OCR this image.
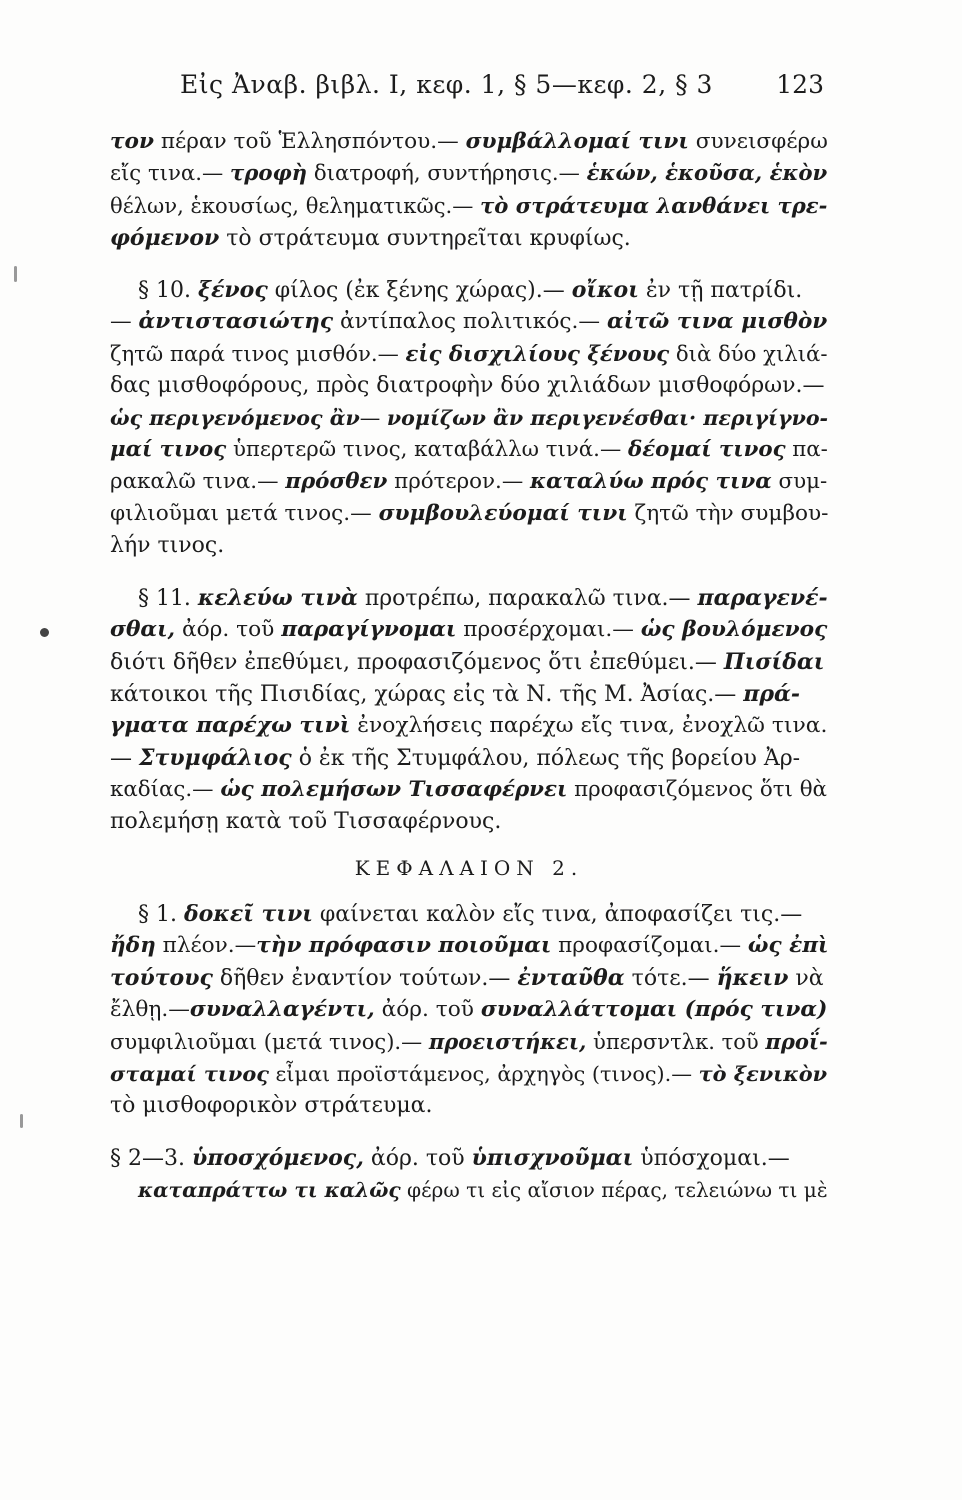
Εἰς Ἀναβ. βιβλ. I, κεφ. 1, § 5—κεφ. 2, § 3	123
τον πέραν τοῦ Ἑλλησπόντου.— συμβάλλομαί τινι συνεισφέρω
εἴς τινα.— τροφὴ διατροφή, συντήρησις.— ἑκών, ἑκοῦσα, ἑκὸν
θέλων, ἑκουσίως, θεληματικῶς.— τὸ στράτευμα λανθάνει τρε-
φόμενον τὸ στράτευμα συντηρεῖται κρυφίως.
§ 10. ξένος φίλος (ἐκ ξένης χώρας).— οἴκοι ἐν τῇ πατρίδι.
— ἀντιστασιώτης ἀντίπαλος πολιτικός.— αἰτῶ τινα μισθὸν
ζητῶ παρά τινος μισθόν.— εἰς δισχιλίους ξένους διὰ δύο χιλιά-
δας μισθοφόρους, πρὸς διατροφὴν δύο χιλιάδων μισθοφόρων.—
ὡς περιγενόμενος ἂν— νομίζων ἂν περιγενέσθαι· περιγίγνο-
μαί τινος ὑπερτερῶ τινος, καταβάλλω τινά.— δέομαί τινος πα-
ρακαλῶ τινα.— πρόσθεν πρότερον.— καταλύω πρός τινα συμ-
φιλιοῦμαι μετά τινος.— συμβουλεύομαί τινι ζητῶ τὴν συμβου-
λήν τινος.
§ 11. κελεύω τινὰ προτρέπω, παρακαλῶ τινα.— παραγενέ-
σθαι, ἀόρ. τοῦ παραγίγνομαι προσέρχομαι.— ὡς βουλόμενος
διότι δῆθεν ἐπεθύμει, προφασιζόμενος ὅτι ἐπεθύμει.— Πισίδαι
κάτοικοι τῆς Πισιδίας, χώρας εἰς τὰ Ν. τῆς Μ. Ἀσίας.— πρά-
γματα παρέχω τινὶ ἐνοχλήσεις παρέχω εἴς τινα, ἐνοχλῶ τινα.
— Στυμφάλιος ὁ ἐκ τῆς Στυμφάλου, πόλεως τῆς βορείου Ἀρ-
καδίας.— ὡς πολεμήσων Τισσαφέρνει προφασιζόμενος ὅτι θὰ
πολεμήσῃ κατὰ τοῦ Τισσαφέρνους.
ΚΕΦΑΛΑΙΟΝ 2.
§ 1. δοκεῖ τινι φαίνεται καλὸν εἴς τινα, ἀποφασίζει τις.—
ἤδη πλέον.—τὴν πρόφασιν ποιοῦμαι προφασίζομαι.— ὡς ἐπὶ
τούτους δῆθεν ἐναντίον τούτων.— ἐνταῦθα τότε.— ἥκειν νὰ
ἔλθῃ.—συναλλαγέντι, ἀόρ. τοῦ συναλλάττομαι (πρός τινα)
συμφιλιοῦμαι (μετά τινος).— προειστήκει, ὑπερσντλκ. τοῦ προΐ-
σταμαί τινος εἶμαι προϊστάμενος, ἀρχηγὸς (τινος).— τὸ ξενικὸν
τὸ μισθοφορικὸν στράτευμα.
§ 2—3. ὑποσχόμενος, ἀόρ. τοῦ ὑπισχνοῦμαι ὑπόσχομαι.—
καταπράττω τι καλῶς φέρω τι εἰς αἴσιον πέρας, τελειώνω τι μὲ
